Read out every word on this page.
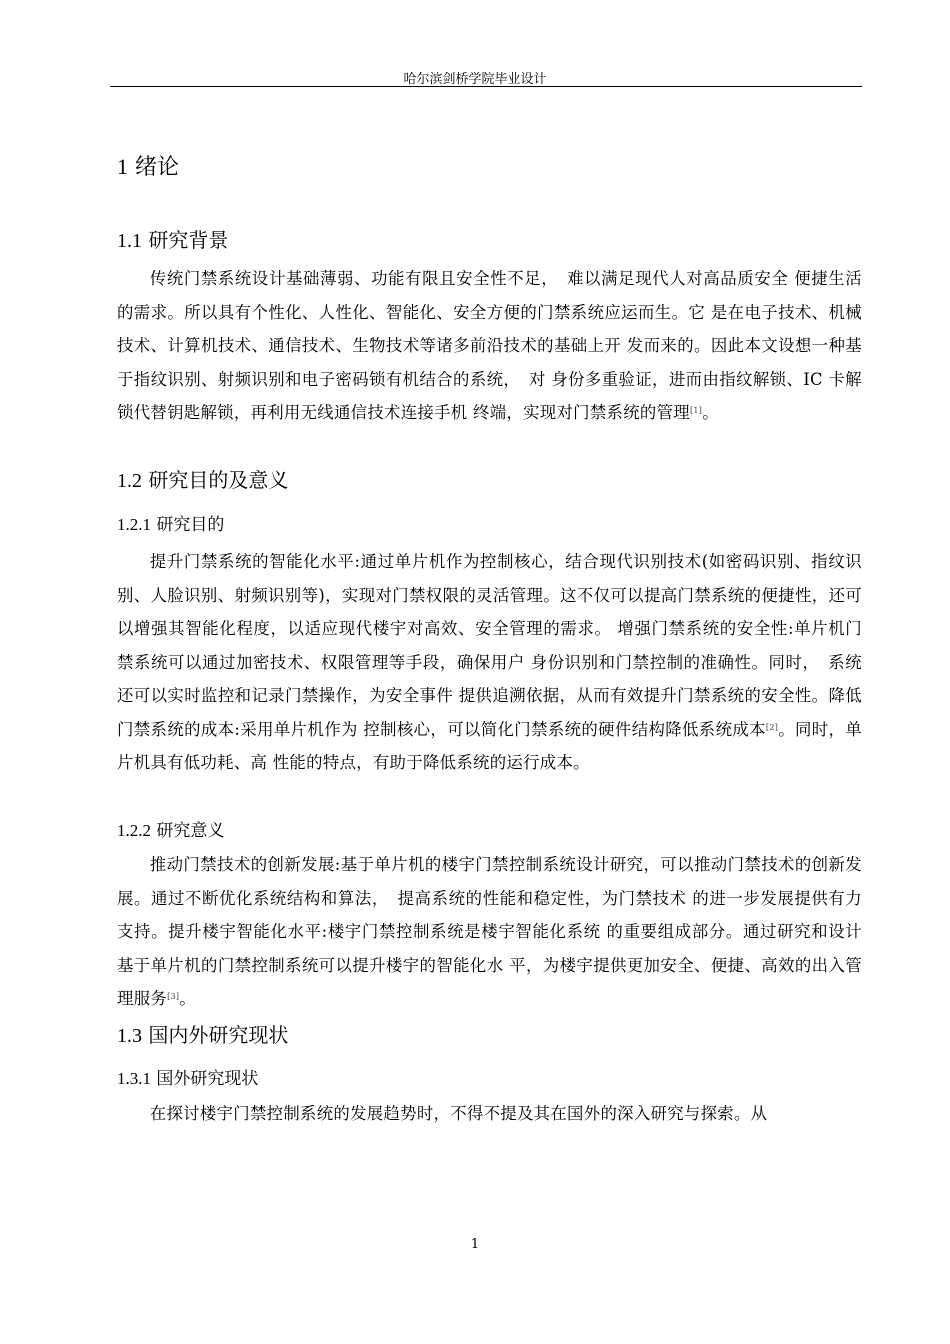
哈尔滨剑桥学院毕业设计
1 绪论
1.1 研究背景

传统门禁系统设计基础薄弱、功能有限且安全性不足，　难以满足现代人对高品质安全 便捷生活的需求。所以具有个性化、人性化、智能化、安全方便的门禁系统应运而生。它 是在电子技术、机械技术、计算机技术、通信技术、生物技术等诸多前沿技术的基础上开 发而来的。因此本文设想一种基于指纹识别、射频识别和电子密码锁有机结合的系统，　对 身份多重验证，进而由指纹解锁、IC 卡解锁代替钥匙解锁，再利用无线通信技术连接手机 终端，实现对门禁系统的管理[1]。

1.2 研究目的及意义
1.2.1 研究目的

提升门禁系统的智能化水平:通过单片机作为控制核心，结合现代识别技术(如密码识别、指纹识别、人脸识别、射频识别等)，实现对门禁权限的灵活管理。这不仅可以提高门禁系统的便捷性，还可以增强其智能化程度，以适应现代楼宇对高效、安全管理的需求。 增强门禁系统的安全性:单片机门禁系统可以通过加密技术、权限管理等手段，确保用户 身份识别和门禁控制的准确性。同时，　系统还可以实时监控和记录门禁操作，为安全事件 提供追溯依据，从而有效提升门禁系统的安全性。降低门禁系统的成本:采用单片机作为 控制核心，可以简化门禁系统的硬件结构降低系统成本[2]。同时，单片机具有低功耗、高 性能的特点，有助于降低系统的运行成本。

1.2.2 研究意义

推动门禁技术的创新发展:基于单片机的楼宇门禁控制系统设计研究，可以推动门禁技术的创新发展。通过不断优化系统结构和算法，　提高系统的性能和稳定性，为门禁技术 的进一步发展提供有力支持。提升楼宇智能化水平:楼宇门禁控制系统是楼宇智能化系统 的重要组成部分。通过研究和设计基于单片机的门禁控制系统可以提升楼宇的智能化水 平，为楼宇提供更加安全、便捷、高效的出入管理服务[3]。

1.3 国内外研究现状
1.3.1 国外研究现状

在探讨楼宇门禁控制系统的发展趋势时，不得不提及其在国外的深入研究与探索。从

1
